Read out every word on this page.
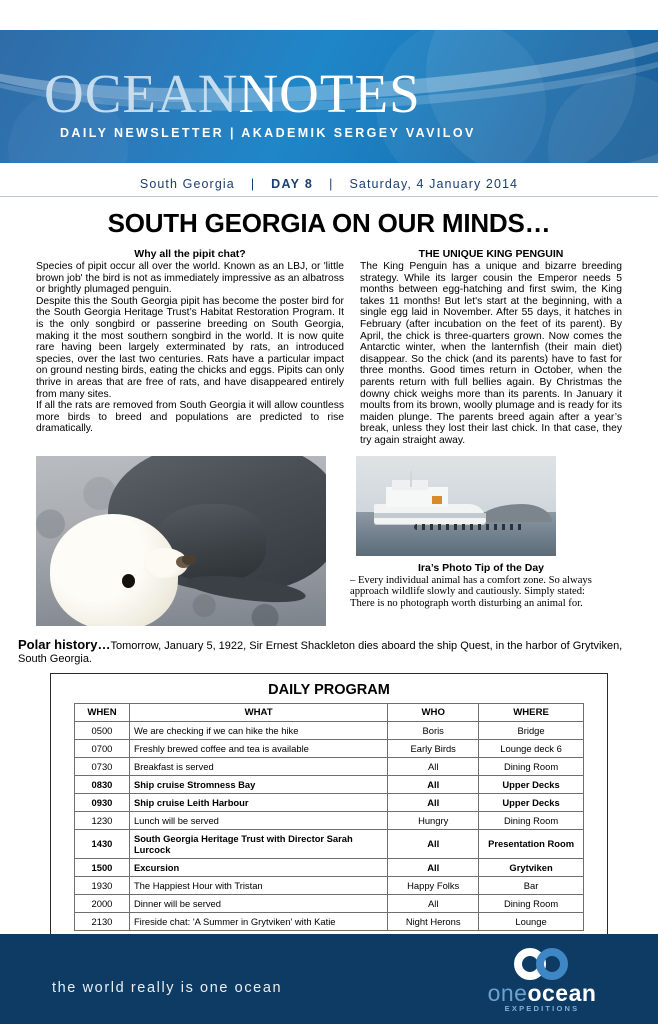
OCEANNOTES
DAILY NEWSLETTER | AKADEMIK SERGEY VAVILOV
South Georgia | DAY 8 | Saturday, 4 January 2014
SOUTH GEORGIA ON OUR MINDS…
Why all the pipit chat?

Species of pipit occur all over the world. Known as an LBJ, or 'little brown job' the bird is not as immediately impressive as an albatross or brightly plumaged penguin.

Despite this the South Georgia pipit has become the poster bird for the South Georgia Heritage Trust’s Habitat Restoration Program. It is the only songbird or passerine breeding on South Georgia, making it the most southern songbird in the world. It is now quite rare having been largely exterminated by rats, an introduced species, over the last two centuries. Rats have a particular impact on ground nesting birds, eating the chicks and eggs. Pipits can only thrive in areas that are free of rats, and have disappeared entirely from many sites.

If all the rats are removed from South Georgia it will allow countless more birds to breed and populations are predicted to rise dramatically.

THE UNIQUE KING PENGUIN

The King Penguin has a unique and bizarre breeding strategy. While its larger cousin the Emperor needs 5 months between egg-hatching and first swim, the King takes 11 months! But let's start at the beginning, with a single egg laid in November. After 55 days, it hatches in February (after incubation on the feet of its parent). By April, the chick is three-quarters grown. Now comes the Antarctic winter, when the lanternfish (their main diet) disappear. So the chick (and its parents) have to fast for three months. Good times return in October, when the parents return with full bellies again. By Christmas the downy chick weighs more than its parents. In January it moults from its brown, woolly plumage and is ready for its maiden plunge. The parents breed again after a year’s break, unless they lost their last chick. In that case, they try again straight away.

Ira’s Photo Tip of the Day
– Every individual animal has a comfort zone. So always approach wildlife slowly and cautiously. Simply stated: There is no photograph worth disturbing an animal for.
Polar history…Tomorrow, January 5, 1922, Sir Ernest Shackleton dies aboard the ship Quest, in the harbor of Grytviken, South Georgia.
DAILY PROGRAM
WHEN	WHAT	WHO	WHERE
0500	We are checking if we can hike the hike	Boris	Bridge
0700	Freshly brewed coffee and tea is available	Early Birds	Lounge deck 6
0730	Breakfast is served	All	Dining Room
0830	Ship cruise Stromness Bay	All	Upper Decks
0930	Ship cruise Leith Harbour	All	Upper Decks
1230	Lunch will be served	Hungry	Dining Room
1430	South Georgia Heritage Trust with Director Sarah Lurcock	All	Presentation Room
1500	Excursion	All	Grytviken
1930	The Happiest Hour with Tristan	Happy Folks	Bar
2000	Dinner will be served	All	Dining Room
2130	Fireside chat: 'A Summer in Grytviken' with Katie	Night Herons	Lounge
the world really is one ocean	oneocean
EXPEDITIONS
